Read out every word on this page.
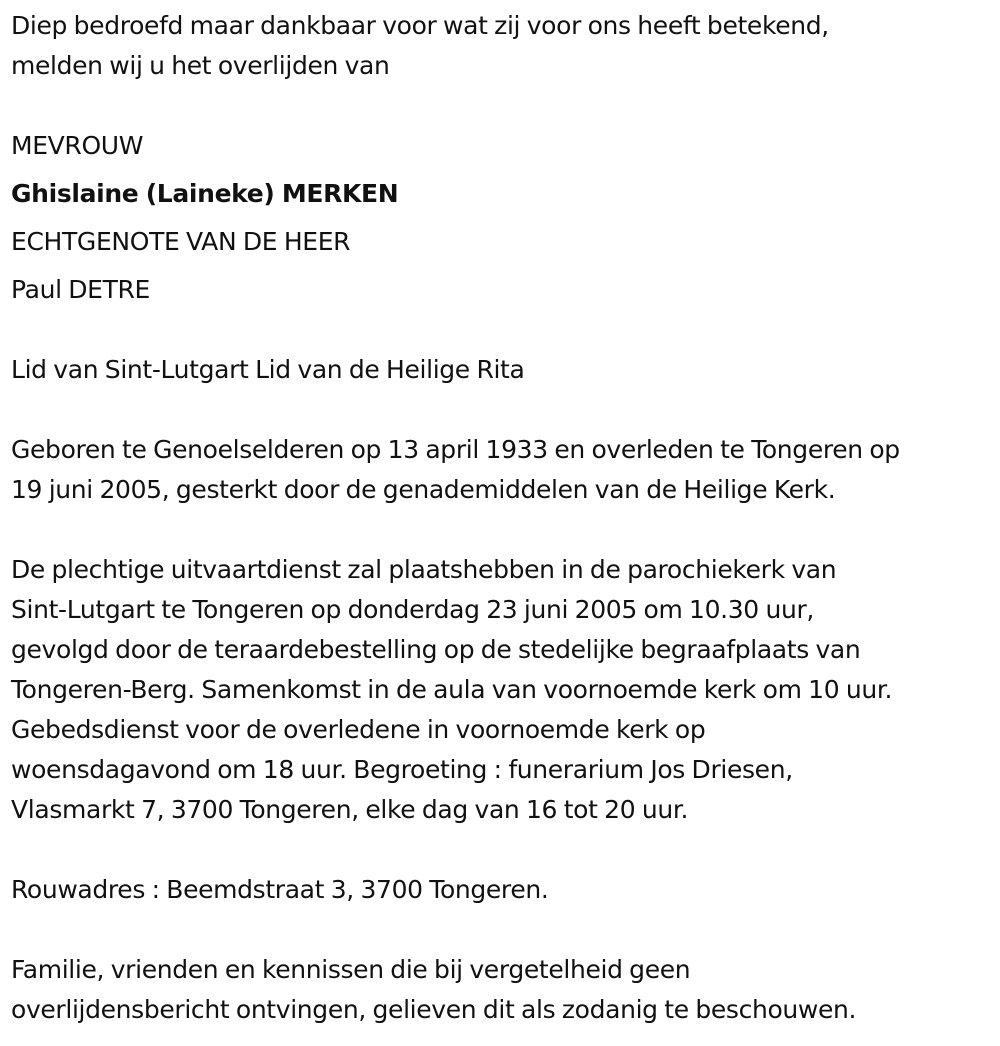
Diep bedroefd maar dankbaar voor wat zij voor ons heeft betekend,
melden wij u het overlijden van
MEVROUW
Ghislaine (Laineke) MERKEN
ECHTGENOTE VAN DE HEER
Paul DETRE
Lid van Sint-Lutgart Lid van de Heilige Rita
Geboren te Genoelselderen op 13 april 1933 en overleden te Tongeren op
19 juni 2005, gesterkt door de genademiddelen van de Heilige Kerk.
De plechtige uitvaartdienst zal plaatshebben in de parochiekerk van
Sint-Lutgart te Tongeren op donderdag 23 juni 2005 om 10.30 uur,
gevolgd door de teraardebestelling op de stedelijke begraafplaats van
Tongeren-Berg. Samenkomst in de aula van voornoemde kerk om 10 uur.
Gebedsdienst voor de overledene in voornoemde kerk op
woensdagavond om 18 uur. Begroeting : funerarium Jos Driesen,
Vlasmarkt 7, 3700 Tongeren, elke dag van 16 tot 20 uur.
Rouwadres : Beemdstraat 3, 3700 Tongeren.
Familie, vrienden en kennissen die bij vergetelheid geen
overlijdensbericht ontvingen, gelieven dit als zodanig te beschouwen.
